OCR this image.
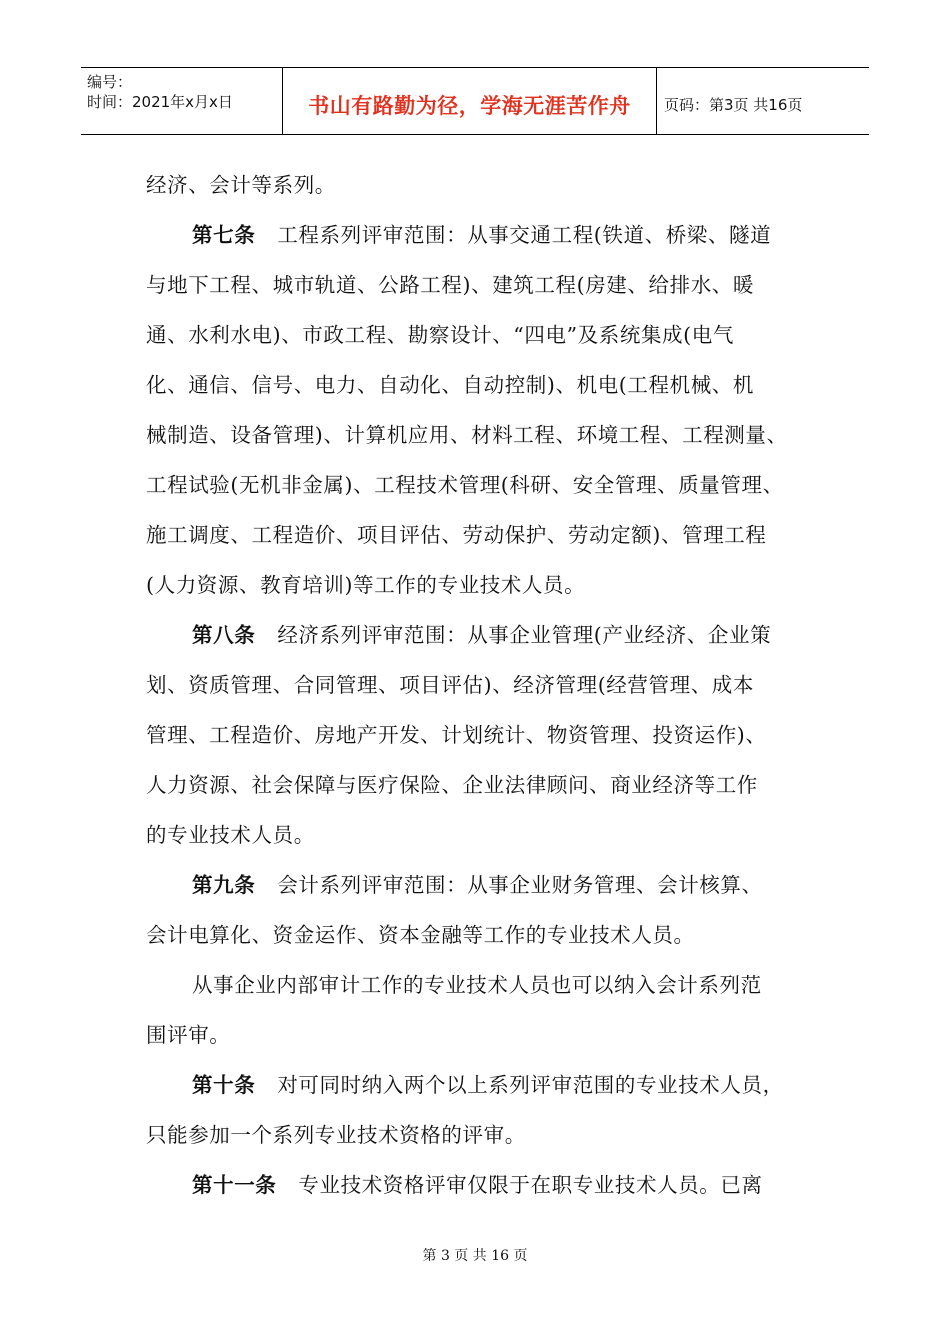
编号：
时间：2021年x月x日	书山有路勤为径，学海无涯苦作舟	页码：第3页 共16页
经济、会计等系列。
第七条 工程系列评审范围：从事交通工程(铁道、桥梁、隧道
与地下工程、城市轨道、公路工程)、建筑工程(房建、给排水、暖
通、水利水电)、市政工程、勘察设计、“四电”及系统集成(电气
化、通信、信号、电力、自动化、自动控制)、机电(工程机械、机
械制造、设备管理)、计算机应用、材料工程、环境工程、工程测量、
工程试验(无机非金属)、工程技术管理(科研、安全管理、质量管理、
施工调度、工程造价、项目评估、劳动保护、劳动定额)、管理工程
(人力资源、教育培训)等工作的专业技术人员。
第八条 经济系列评审范围：从事企业管理(产业经济、企业策
划、资质管理、合同管理、项目评估)、经济管理(经营管理、成本
管理、工程造价、房地产开发、计划统计、物资管理、投资运作)、
人力资源、社会保障与医疗保险、企业法律顾问、商业经济等工作
的专业技术人员。
第九条 会计系列评审范围：从事企业财务管理、会计核算、
会计电算化、资金运作、资本金融等工作的专业技术人员。
从事企业内部审计工作的专业技术人员也可以纳入会计系列范
围评审。
第十条 对可同时纳入两个以上系列评审范围的专业技术人员，
只能参加一个系列专业技术资格的评审。
第十一条 专业技术资格评审仅限于在职专业技术人员。已离
第 3 页 共 16 页
